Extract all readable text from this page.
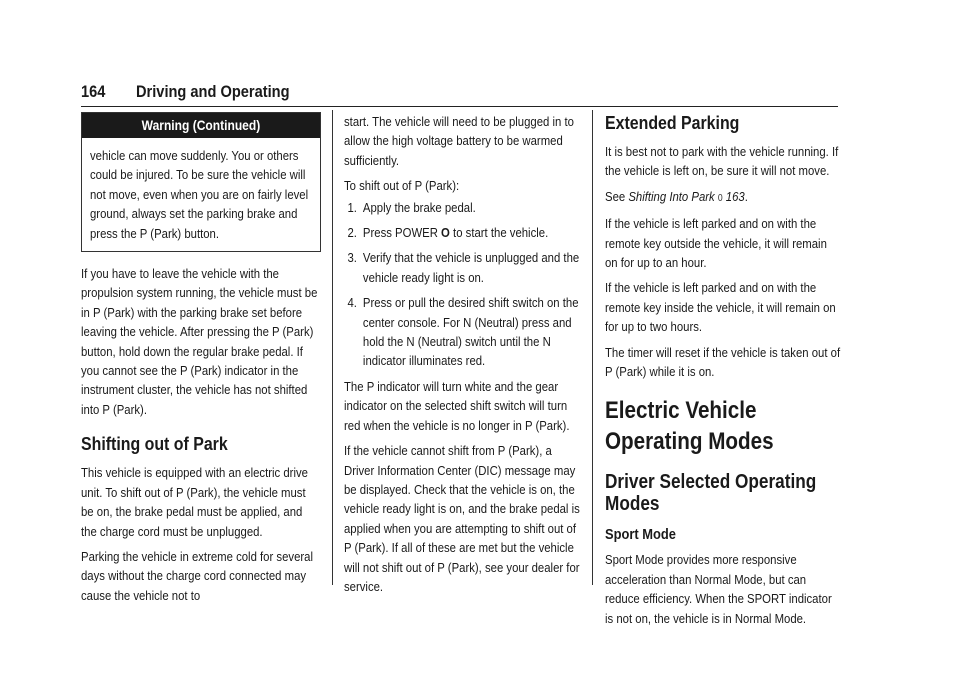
164 Driving and Operating
Warning (Continued)
vehicle can move suddenly. You or others could be injured. To be sure the vehicle will not move, even when you are on fairly level ground, always set the parking brake and press the P (Park) button.

If you have to leave the vehicle with the propulsion system running, the vehicle must be in P (Park) with the parking brake set before leaving the vehicle. After pressing the P (Park) button, hold down the regular brake pedal. If you cannot see the P (Park) indicator in the instrument cluster, the vehicle has not shifted into P (Park).

Shifting out of Park

This vehicle is equipped with an electric drive unit. To shift out of P (Park), the vehicle must be on, the brake pedal must be applied, and the charge cord must be unplugged.

Parking the vehicle in extreme cold for several days without the charge cord connected may cause the vehicle not to

start. The vehicle will need to be plugged in to allow the high voltage battery to be warmed sufficiently.

To shift out of P (Park):

1. Apply the brake pedal.
2. Press POWER O to start the vehicle.
3. Verify that the vehicle is unplugged and the vehicle ready light is on.
4. Press or pull the desired shift switch on the center console. For N (Neutral) press and hold the N (Neutral) switch until the N indicator illuminates red.

The P indicator will turn white and the gear indicator on the selected shift switch will turn red when the vehicle is no longer in P (Park).

If the vehicle cannot shift from P (Park), a Driver Information Center (DIC) message may be displayed. Check that the vehicle is on, the vehicle ready light is on, and the brake pedal is applied when you are attempting to shift out of P (Park). If all of these are met but the vehicle will not shift out of P (Park), see your dealer for service.

Extended Parking

It is best not to park with the vehicle running. If the vehicle is left on, be sure it will not move.

See Shifting Into Park 0 163.

If the vehicle is left parked and on with the remote key outside the vehicle, it will remain on for up to an hour.

If the vehicle is left parked and on with the remote key inside the vehicle, it will remain on for up to two hours.

The timer will reset if the vehicle is taken out of P (Park) while it is on.

Electric Vehicle Operating Modes
Driver Selected Operating Modes
Sport Mode

Sport Mode provides more responsive acceleration than Normal Mode, but can reduce efficiency. When the SPORT indicator is not on, the vehicle is in Normal Mode.
